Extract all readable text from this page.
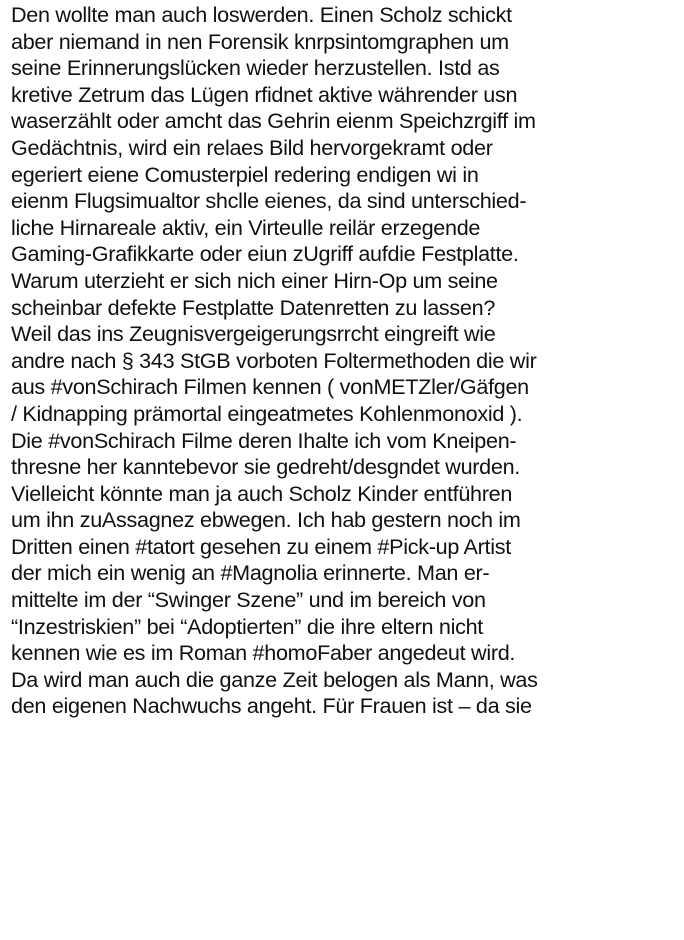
Den wollte man auch loswerden. Einen Scholz schickt
aber niemand in nen Forensik knrpsintomgraphen um
seine Erinnerungslücken wieder herzustellen. Istd as
kretive Zetrum das Lügen rfidnet aktive währender usn
waserzählt oder amcht das Gehrin eienm Speichzrgiff im
Gedächtnis, wird ein relaes Bild hervorgekramt oder
egeriert eiene Comusterpiel redering endigen wi in
eienm Flugsimualtor shclle eienes, da sind unterschied-
liche Hirnareale aktiv, ein Virteulle reilär erzegende
Gaming-Grafikkarte oder eiun zUgriff aufdie Festplatte.
Warum uterzieht er sich nich einer Hirn-Op um seine
scheinbar defekte Festplatte Datenretten zu lassen?
Weil das ins Zeugnisvergeigerungsrrcht eingreift wie
andre nach § 343 StGB vorboten Foltermethoden die wir
aus #vonSchirach Filmen kennen ( vonMETZler/Gäfgen
/ Kidnapping prämortal eingeatmetes Kohlenmonoxid ).
Die #vonSchirach Filme deren Ihalte ich vom Kneipen-
thresne her kanntebevor sie gedreht/desgndet wurden.
Vielleicht könnte man ja auch Scholz Kinder entführen
um ihn zuAssagnez ebwegen. Ich hab gestern noch im
Dritten einen #tatort gesehen zu einem #Pick-up Artist
der mich ein wenig an #Magnolia erinnerte. Man er-
mittelte im der “Swinger Szene” und im bereich von
“Inzestriskien” bei “Adoptierten” die ihre eltern nicht
kennen wie es im Roman #homoFaber angedeut wird.
Da wird man auch die ganze Zeit belogen als Mann, was
den eigenen Nachwuchs angeht. Für Frauen ist – da sie
